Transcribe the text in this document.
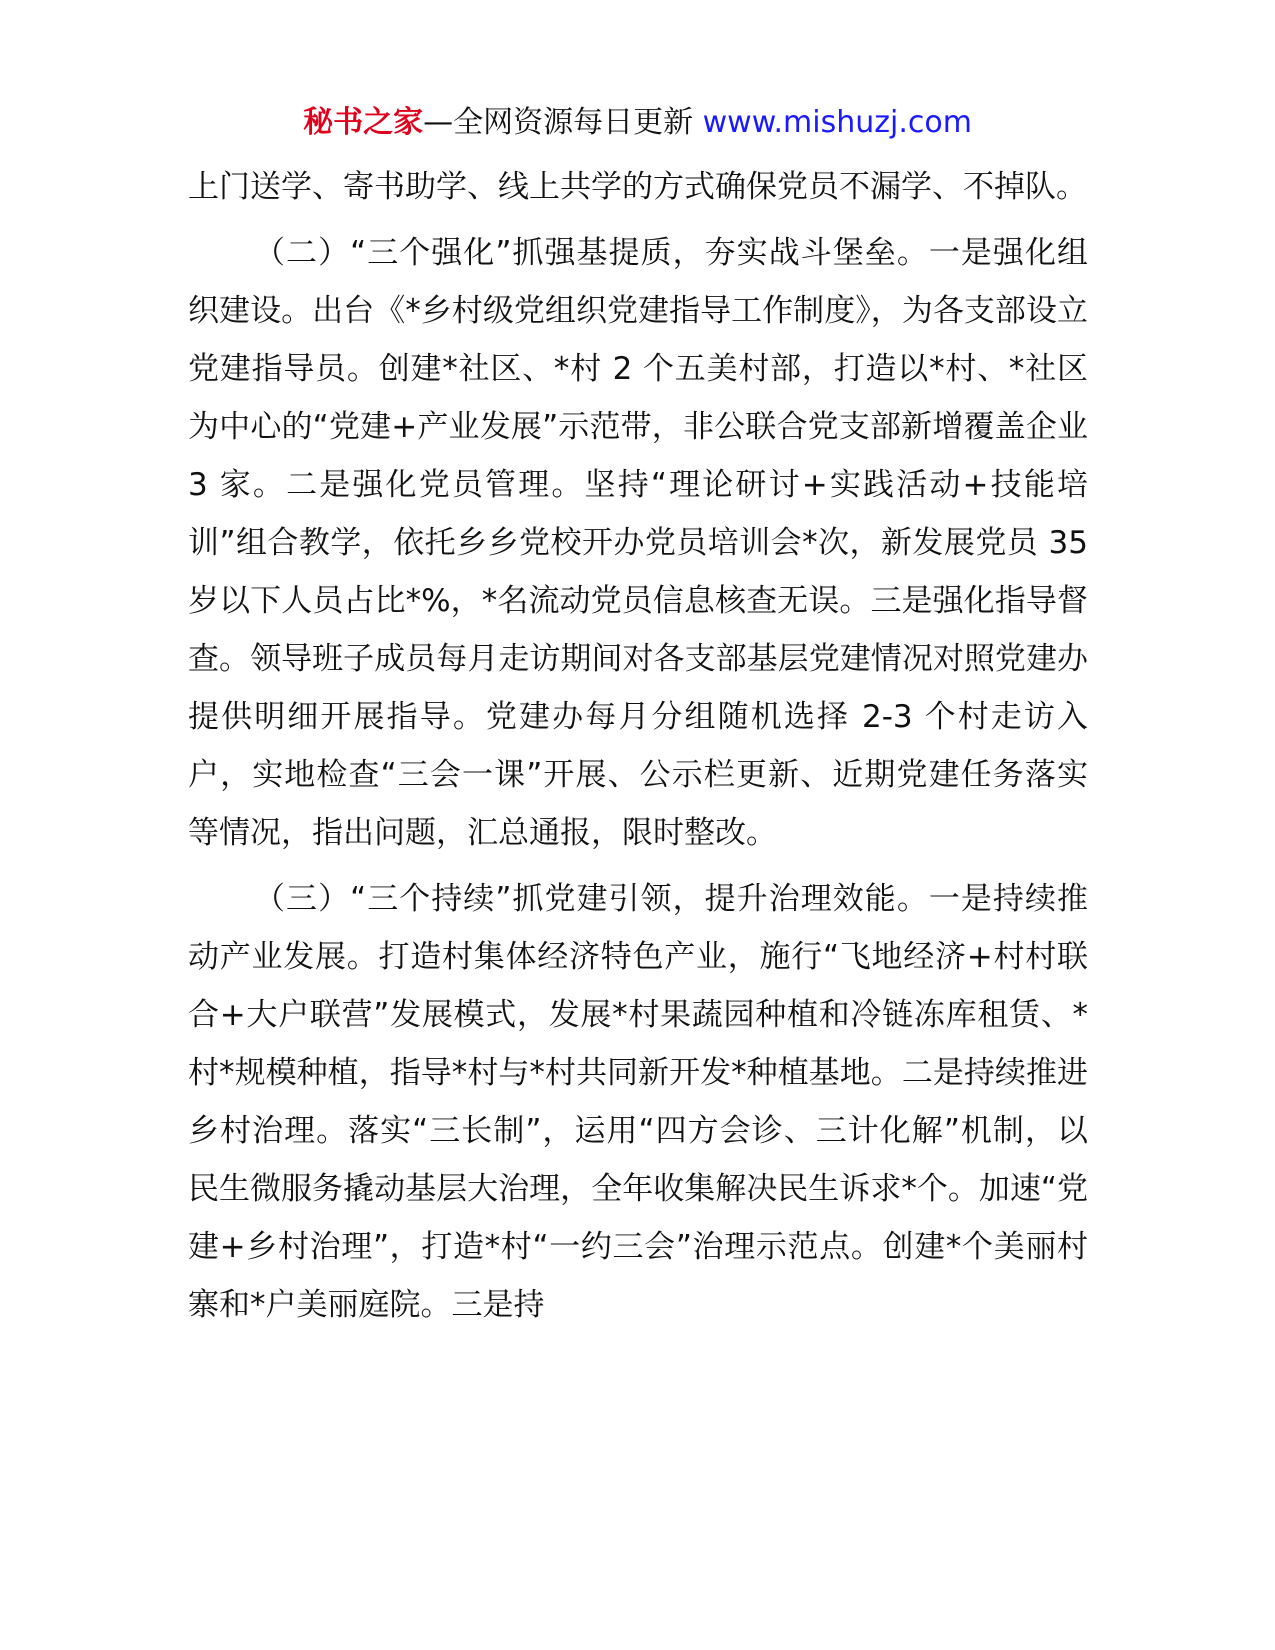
秘书之家—全网资源每日更新 www.mishuzj.com

上门送学、寄书助学、线上共学的方式确保党员不漏学、不掉队。

（二）“三个强化”抓强基提质，夯实战斗堡垒。一是强化组织建设。出台《*乡村级党组织党建指导工作制度》，为各支部设立党建指导员。创建*社区、*村 2 个五美村部，打造以*村、*社区为中心的“党建+产业发展”示范带，非公联合党支部新增覆盖企业 3 家。二是强化党员管理。坚持“理论研讨+实践活动+技能培训”组合教学，依托乡乡党校开办党员培训会*次，新发展党员 35 岁以下人员占比*%，*名流动党员信息核查无误。三是强化指导督查。领导班子成员每月走访期间对各支部基层党建情况对照党建办提供明细开展指导。党建办每月分组随机选择 2-3 个村走访入户，实地检查“三会一课”开展、公示栏更新、近期党建任务落实等情况，指出问题，汇总通报，限时整改。

（三）“三个持续”抓党建引领，提升治理效能。一是持续推动产业发展。打造村集体经济特色产业，施行“飞地经济+村村联合+大户联营”发展模式，发展*村果蔬园种植和冷链冻库租赁、*村*规模种植，指导*村与*村共同新开发*种植基地。二是持续推进乡村治理。落实“三长制”，运用“四方会诊、三计化解”机制，以民生微服务撬动基层大治理，全年收集解决民生诉求*个。加速“党建+乡村治理”，打造*村“一约三会”治理示范点。创建*个美丽村寨和*户美丽庭院。三是持
